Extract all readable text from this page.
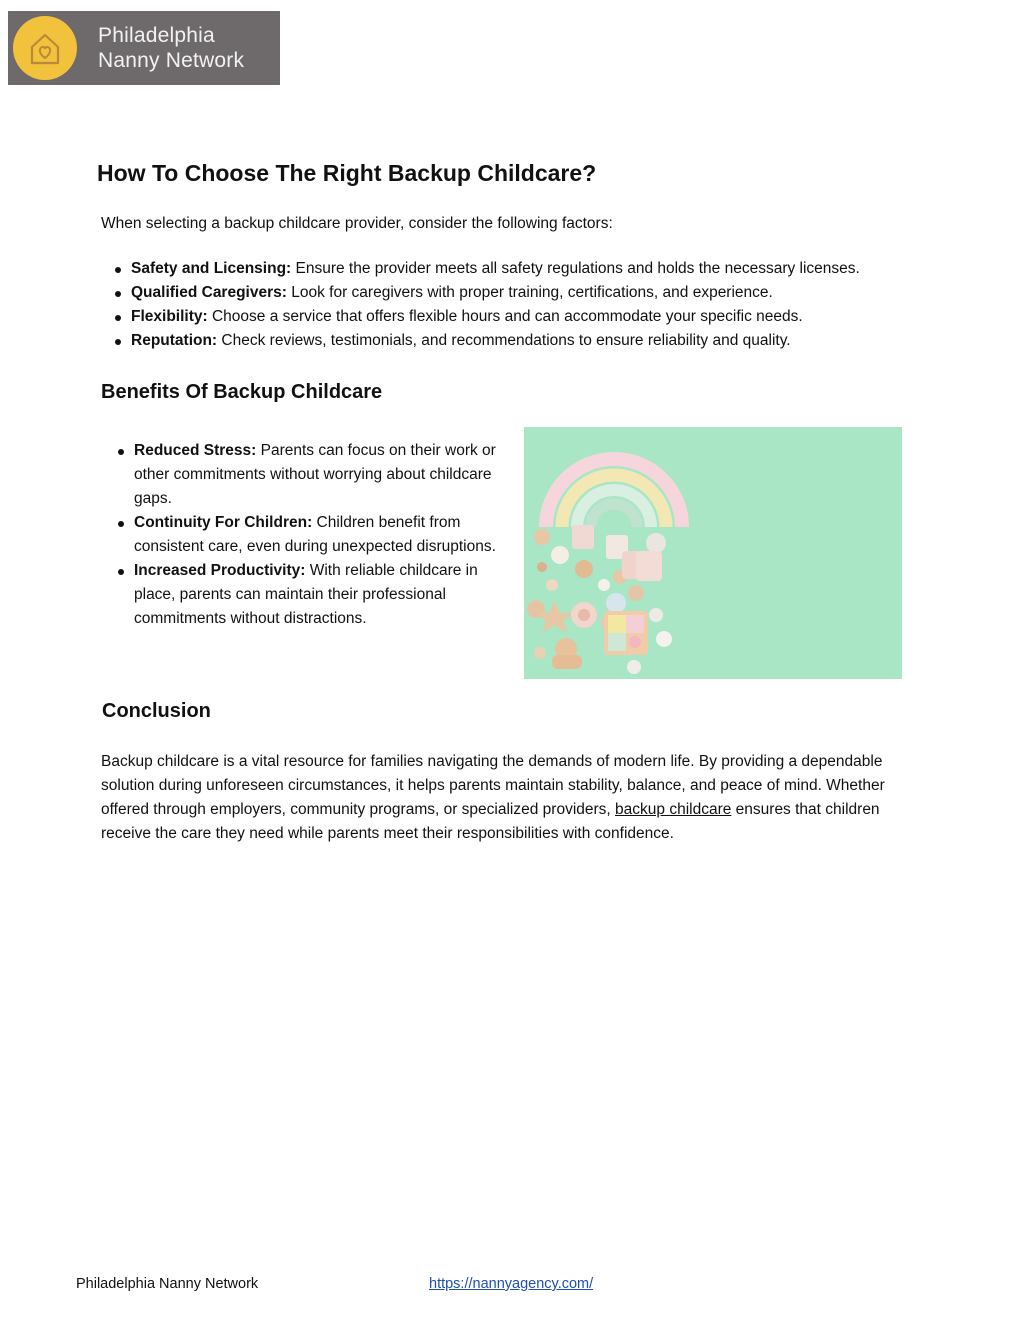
Philadelphia
Nanny Network
How To Choose The Right Backup Childcare?

When selecting a backup childcare provider, consider the following factors:

Safety and Licensing: Ensure the provider meets all safety regulations and holds the necessary licenses.
Qualified Caregivers: Look for caregivers with proper training, certifications, and experience.
Flexibility: Choose a service that offers flexible hours and can accommodate your specific needs.
Reputation: Check reviews, testimonials, and recommendations to ensure reliability and quality.
Benefits Of Backup Childcare
Reduced Stress: Parents can focus on their work or other commitments without worrying about childcare gaps.
Continuity For Children: Children benefit from consistent care, even during unexpected disruptions.
Increased Productivity: With reliable childcare in place, parents can maintain their professional commitments without distractions.
Conclusion

Backup childcare is a vital resource for families navigating the demands of modern life. By providing a dependable solution during unforeseen circumstances, it helps parents maintain stability, balance, and peace of mind. Whether offered through employers, community programs, or specialized providers, backup childcare ensures that children receive the care they need while parents meet their responsibilities with confidence.

Philadelphia Nanny Network	https://nannyagency.com/
